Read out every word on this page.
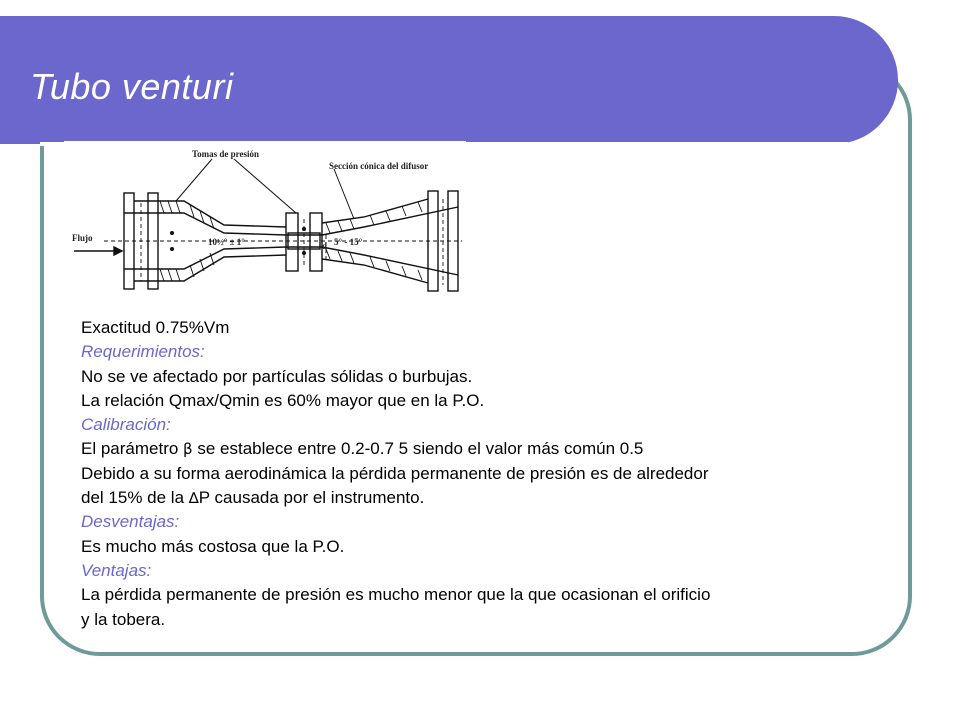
Tubo venturi
Tomas de presión
Sección cónica del difusor
Flujo	10½° ± 1°	5° - 15°
d
Exactitud 0.75%Vm
Requerimientos:
No se ve afectado por partículas sólidas o burbujas.
La relación Qmax/Qmin es 60% mayor que en la P.O.
Calibración:
El parámetro β se establece entre 0.2-0.7 5 siendo el valor más común 0.5
Debido a su forma aerodinámica la pérdida permanente de presión es de alrededor
del 15% de la ∆P causada por el instrumento.
Desventajas:
Es mucho más costosa que la P.O.
Ventajas:
La pérdida permanente de presión es mucho menor que la que ocasionan el orificio
y la tobera.
